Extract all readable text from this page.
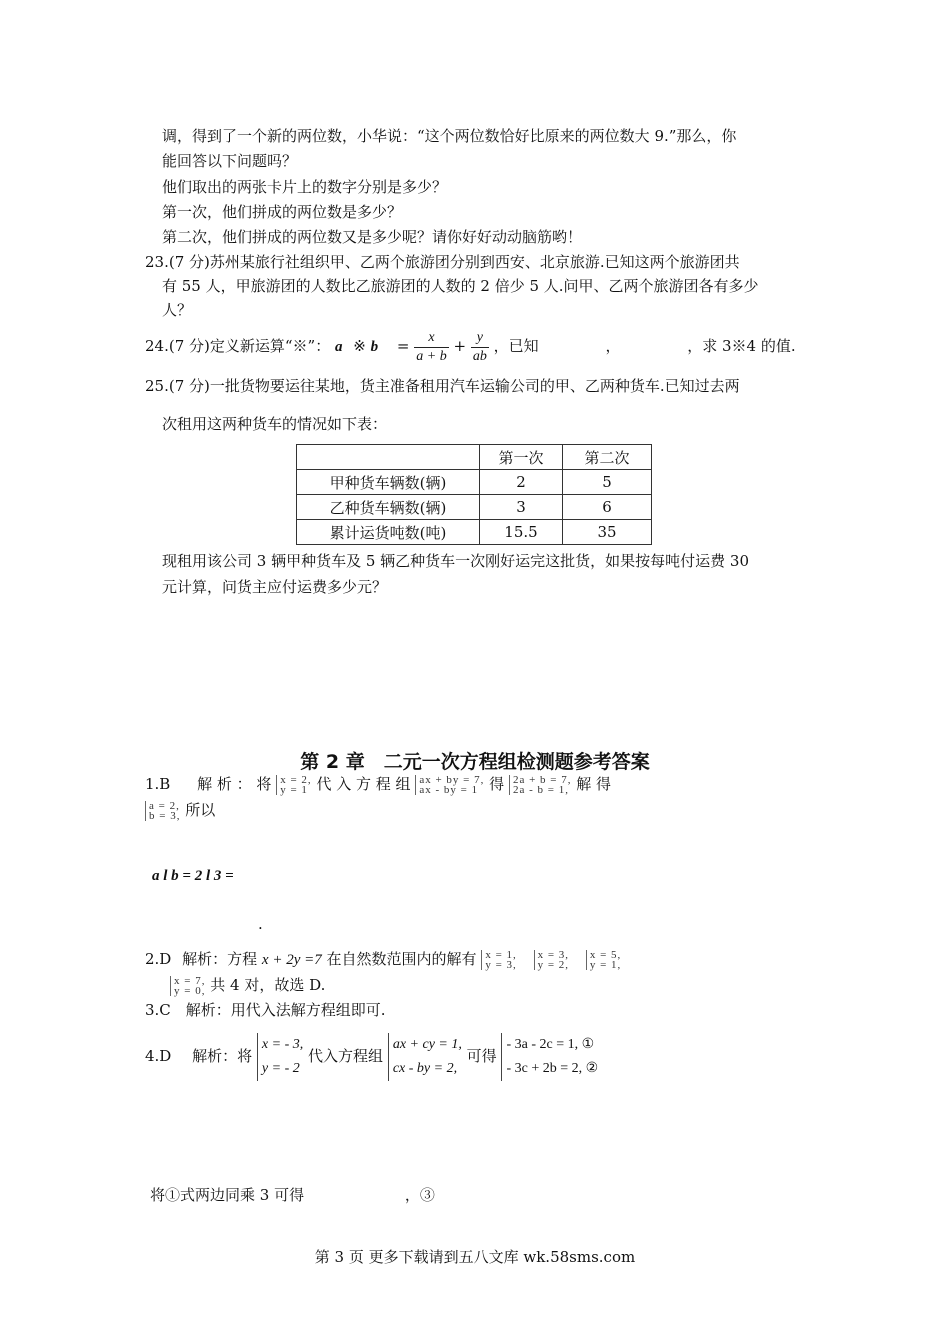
调，得到了一个新的两位数，小华说：“这个两位数恰好比原来的两位数大 9.”那么，你
能回答以下问题吗？
他们取出的两张卡片上的数字分别是多少？
第一次，他们拼成的两位数是多少？
第二次，他们拼成的两位数又是多少呢？请你好好动动脑筋哟！
23.(7 分)苏州某旅行社组织甲、乙两个旅游团分别到西安、北京旅游.已知这两个旅游团共
有 55 人，甲旅游团的人数比乙旅游团的人数的 2 倍少 5 人.问甲、乙两个旅游团各有多少
人？
24.(7 分)定义新运算“※”： a ※ $b = \frac{x}{a + b} + \frac{y}{ab}$ ，已知	，	，求 3※4 的值.
25.(7 分)一批货物要运往某地，货主准备租用汽车运输公司的甲、乙两种货车.已知过去两
次租用这两种货车的情况如下表：
	第一次	第二次
甲种货车辆数(辆)	2	5
乙种货车辆数(辆)	3	6
累计运货吨数(吨)	15.5	35
现租用该公司 3 辆甲种货车及 5 辆乙种货车一次刚好运完这批货，如果按每吨付运费 30
元计算，问货主应付运费多少元？
第 2 章　二元一次方程组检测题参考答案
1.B 解 析 ： 将 x = 2,
y = 1 代 入 方 程 组 ax + by = 7,
ax - by = 1 得 2a + b = 7,
2a - b = 1, 解 得
a = 2,
b = 3, 所以
a l b = 2 l 3 =
.
2.D 解析：方程 x + 2y =7 在自然数范围内的解有 x = 1,
y = 3,

x = 3,
y = 2,

x = 5,
y = 1,
x = 7,
y = 0, 共 4 对，故选 D.
3.C　解析：用代入法解方程组即可.
4.D 解析：将
x = - 3,
y = - 2
代入方程组
ax + cy = 1,
cx - by = 2,
可得
- 3a - 2c = 1, ①
- 3c + 2b = 2, ②
将①式两边同乘 3 可得	，③
第 3 页 更多下载请到五八文库 wk.58sms.com
